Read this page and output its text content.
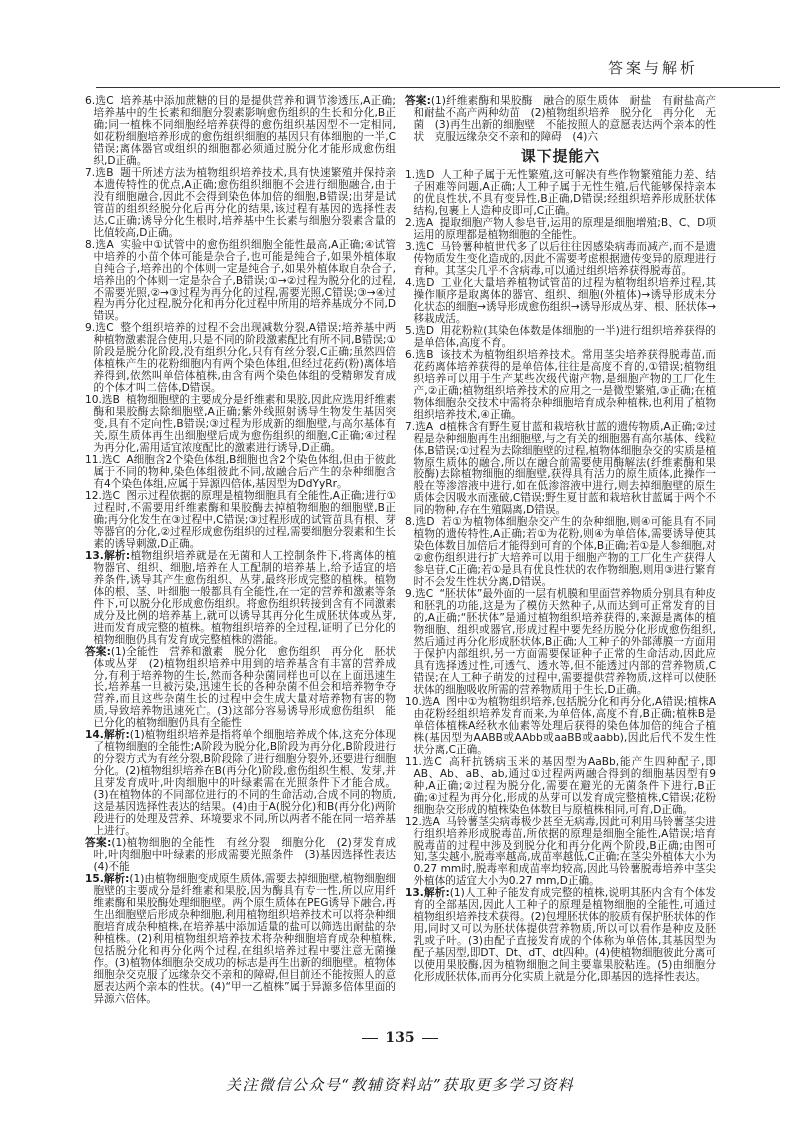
答案与解析

6.选C 培养基中添加蔗糖的目的是提供营养和调节渗透压,A正确;培养基中的生长素和细胞分裂素影响愈伤组织的生长和分化,B正确;同一植株不同细胞经培养获得的愈伤组织基因型不一定相同,如花粉细胞培养形成的愈伤组织细胞的基因只有体细胞的一半,C错误;离体器官或组织的细胞都必须通过脱分化才能形成愈伤组织,D正确。

7.选B 题干所述方法为植物组织培养技术,具有快速繁殖并保持亲本遗传特性的优点,A正确;愈伤组织细胞不会进行细胞融合,由于没有细胞融合,因此不会得到染色体加倍的细胞,B错误;出芽是试管苗的组织经脱分化后再分化的结果,该过程有基因的选择性表达,C正确;诱导分化生根时,培养基中生长素与细胞分裂素含量的比值较高,D正确。

8.选A 实验中①试管中的愈伤组织细胞全能性最高,A正确;④试管中培养的小苗个体可能是杂合子,也可能是纯合子,如果外植体取自纯合子,培养出的个体则一定是纯合子,如果外植体取自杂合子,培养出的个体则一定是杂合子,B错误;①→②过程为脱分化的过程,不需要光照,②→③过程为再分化的过程,需要光照,C错误;③→④过程为再分化过程,脱分化和再分化过程中所用的培养基成分不同,D错误。

9.选C 整个组织培养的过程不会出现减数分裂,A错误;培养基中两种植物激素混合使用,只是不同的阶段激素配比有所不同,B错误;①阶段是脱分化阶段,没有组织分化,只有有丝分裂,C正确;虽然四倍体植株产生的花粉细胞内有两个染色体组,但经过花药(粉)离体培养得到,依然叫单倍体植株,由含有两个染色体组的受精卵发育成的个体才叫二倍体,D错误。

10.选B 植物细胞壁的主要成分是纤维素和果胶,因此应选用纤维素酶和果胶酶去除细胞壁,A正确;紫外线照射诱导生物发生基因突变,具有不定向性,B错误;③过程为形成新的细胞壁,与高尔基体有关,原生质体再生出细胞壁后成为愈伤组织的细胞,C正确;④过程为再分化,需用适宜浓度配比的激素进行诱导,D正确。

11.选C A细胞含2个染色体组,B细胞也含2个染色体组,但由于彼此属于不同的物种,染色体组彼此不同,故融合后产生的杂种细胞含有4个染色体组,应属于异源四倍体,基因型为DdYyRr。

12.选C 图示过程依据的原理是植物细胞具有全能性,A正确;进行①过程时,不需要用纤维素酶和果胶酶去掉植物细胞的细胞壁,B正确;再分化发生在③过程中,C错误;③过程形成的试管苗具有根、芽等器官的分化,②过程形成愈伤组织的过程,需要细胞分裂素和生长素的诱导刺激,D正确。

13.解析:植物组织培养就是在无菌和人工控制条件下,将离体的植物器官、组织、细胞,培养在人工配制的培养基上,给予适宜的培养条件,诱导其产生愈伤组织、丛芽,最终形成完整的植株。植物体的根、茎、叶细胞一般都具有全能性,在一定的营养和激素等条件下,可以脱分化形成愈伤组织。将愈伤组织转接到含有不同激素成分及比例的培养基上,就可以诱导其再分化生成胚状体或丛芽,进而发育成完整的植株。植物组织培养的全过程,证明了已分化的植物细胞仍具有发育成完整植株的潜能。

答案:(1)全能性　营养和激素　脱分化　愈伤组织　再分化　胚状体或丛芽　(2)植物组织培养中用到的培养基含有丰富的营养成分,有利于培养物的生长,然而各种杂菌同样也可以在上面迅速生长,培养基一旦被污染,迅速生长的各种杂菌不但会和培养物争夺营养,而且这些杂菌生长的过程中会生成大量对培养物有害的物质,导致培养物迅速死亡。(3)这部分容易诱导形成愈伤组织　能　已分化的植物细胞仍具有全能性

14.解析:(1)植物组织培养是指将单个细胞培养成个体,这充分体现了植物细胞的全能性;A阶段为脱分化,B阶段为再分化,B阶段进行的分裂方式为有丝分裂,B阶段除了进行细胞分裂外,还要进行细胞分化。(2)植物组织培养在B(再分化)阶段,愈伤组织生根、发芽,并且芽发育成叶,叶肉细胞中的叶绿素需在光照条件下才能合成。(3)在植物体的不同部位进行的不同的生命活动,合成不同的物质,这是基因选择性表达的结果。(4)由于A(脱分化)和B(再分化)两阶段进行的处理及营养、环境要求不同,所以两者不能在同一培养基上进行。

答案:(1)植物细胞的全能性　有丝分裂　细胞分化　(2)芽发育成叶,叶肉细胞中叶绿素的形成需要光照条件　(3)基因选择性表达　(4)不能

15.解析:(1)由植物细胞变成原生质体,需要去掉细胞壁,植物细胞细胞壁的主要成分是纤维素和果胶,因为酶具有专一性,所以应用纤维素酶和果胶酶处理细胞壁。两个原生质体在PEG诱导下融合,再生出细胞壁后形成杂种细胞,利用植物组织培养技术可以将杂种细胞培育成杂种植株,在培养基中添加适量的盐可以筛选出耐盐的杂种植株。(2)利用植物组织培养技术将杂种细胞培育成杂种植株,包括脱分化和再分化两个过程,在组织培养过程中要注意无菌操作。(3)植物体细胞杂交成功的标志是再生出新的细胞壁。植物体细胞杂交克服了远缘杂交不亲和的障碍,但目前还不能按照人的意愿表达两个亲本的性状。(4)“甲一乙植株”属于异源多倍体里面的异源六倍体。

答案:(1)纤维素酶和果胶酶　融合的原生质体　耐盐　有耐盐高产和耐盐不高产两种幼苗　(2)植物组织培养　脱分化　再分化　无菌　(3)再生出新的细胞壁　不能按照人的意愿表达两个亲本的性状　克服远缘杂交不亲和的障碍　(4)六

课下提能六

1.选D 人工种子属于无性繁殖,这可解决有些作物繁殖能力差、结子困难等问题,A正确;人工种子属于无性生殖,后代能够保持亲本的优良性状,不具有变异性,B正确,D错误;经组织培养形成胚状体结构,包裹上人造种皮即可,C正确。

2.选A 提取细胞产物人参皂苷,运用的原理是细胞增殖;B、C、D项运用的原理都是植物细胞的全能性。

3.选C 马铃薯种植世代多了以后往往因感染病毒而减产,而不是遗传物质发生变化造成的,因此不需要考虑根据遗传变异的原理进行育种。其茎尖几乎不含病毒,可以通过组织培养获得脱毒苗。

4.选D 工业化大量培养植物试管苗的过程为植物组织培养过程,其操作顺序是取离体的器官、组织、细胞(外植体)→诱导形成未分化状态的细胞→诱导形成愈伤组织→诱导形成丛芽、根、胚状体→移栽成活。

5.选D 用花粉粒(其染色体数是体细胞的一半)进行组织培养获得的是单倍体,高度不育。

6.选B 该技术为植物组织培养技术。常用茎尖培养获得脱毒苗,而花药离体培养获得的是单倍体,往往是高度不育的,①错误;植物组织培养可以用于生产某些次级代谢产物,是细胞产物的工厂化生产,②正确;植物组织培养技术的应用之一是微型繁殖,③正确;在植物体细胞杂交技术中需将杂种细胞培育成杂种植株,也利用了植物组织培养技术,④正确。

7.选A d植株含有野生夏甘蓝和栽培秋甘蓝的遗传物质,A正确;②过程是杂种细胞再生出细胞壁,与之有关的细胞器有高尔基体、线粒体,B错误;①过程为去除细胞壁的过程,植物体细胞杂交的实质是植物原生质体的融合,所以在融合前需要使用酶解法(纤维素酶和果胶酶)去除植物细胞的细胞壁,获得具有活力的原生质体,此操作一般在等渗溶液中进行,如在低渗溶液中进行,则去掉细胞壁的原生质体会因吸水而涨破,C错误;野生夏甘蓝和栽培秋甘蓝属于两个不同的物种,存在生殖隔离,D错误。

8.选D 若①为植物体细胞杂交产生的杂种细胞,则④可能具有不同植物的遗传特性,A正确;若①为花粉,则④为单倍体,需要诱导使其染色体数目加倍后才能得到可育的个体,B正确;若①是人参细胞,对②愈伤组织进行扩大培养可以用于细胞产物的工厂化生产获得人参皂苷,C正确;若①是具有优良性状的农作物细胞,则用③进行繁育时不会发生性状分离,D错误。

9.选C “胚状体”最外面的一层有机膜和里面营养物质分别具有种皮和胚乳的功能,这是为了模仿天然种子,从而达到可正常发育的目的,A正确;“胚状体”是通过植物组织培养获得的,来源是离体的植物细胞、组织或器官,形成过程中要先经历脱分化形成愈伤组织,然后通过再分化形成胚状体,B正确;人工种子的外部薄膜一方面用于保护内部组织,另一方面需要保证种子正常的生命活动,因此应具有选择透过性,可透气、透水等,但不能透过内部的营养物质,C错误;在人工种子萌发的过程中,需要提供营养物质,这样可以使胚状体的细胞吸收所需的营养物质用于生长,D正确。

10.选A 图中①为植物组织培养,包括脱分化和再分化,A错误;植株A由花粉经组织培养发育而来,为单倍体,高度不育,B正确;植株B是单倍体植株A经秋水仙素等处理后获得的染色体加倍的纯合子植株(基因型为AABB或AAbb或aaBB或aabb),因此后代不发生性状分离,C正确。

11.选C 高秆抗锈病玉米的基因型为AaBb,能产生四种配子,即AB、Ab、aB、ab,通过①过程两两融合得到的细胞基因型有9种,A正确;②过程为脱分化,需要在避光的无菌条件下进行,B正确;④过程为再分化,形成的丛芽可以发育成完整植株,C错误;花粉细胞杂交形成的植株染色体数目与原植株相同,可育,D正确。

12.选A 马铃薯茎尖病毒极少甚至无病毒,因此可利用马铃薯茎尖进行组织培养形成脱毒苗,所依据的原理是细胞全能性,A错误;培育脱毒苗的过程中涉及到脱分化和再分化两个阶段,B正确;由图可知,茎尖越小,脱毒率越高,成苗率越低,C正确;在茎尖外植体大小为0.27 mm时,脱毒率和成苗率均较高,因此马铃薯脱毒培养中茎尖外植体的适宜大小为0.27 mm,D正确。

13.解析:(1)人工种子能发育成完整的植株,说明其胚内含有个体发育的全部基因,因此人工种子的原理是植物细胞的全能性,可通过植物组织培养技术获得。(2)包埋胚状体的胶质有保护胚状体的作用,同时又可以为胚状体提供营养物质,所以可以看作是种皮及胚乳或子叶。(3)由配子直接发育成的个体称为单倍体,其基因型为配子基因型,即DT、Dt、dT、dt四种。(4)使植物细胞彼此分离可以使用果胶酶,因为植物细胞之间主要靠果胶粘连。(5)由细胞分化形成胚状体,而再分化实质上就是分化,即基因的选择性表达。

135
关注微信公众号“教辅资料站”获取更多学习资料
